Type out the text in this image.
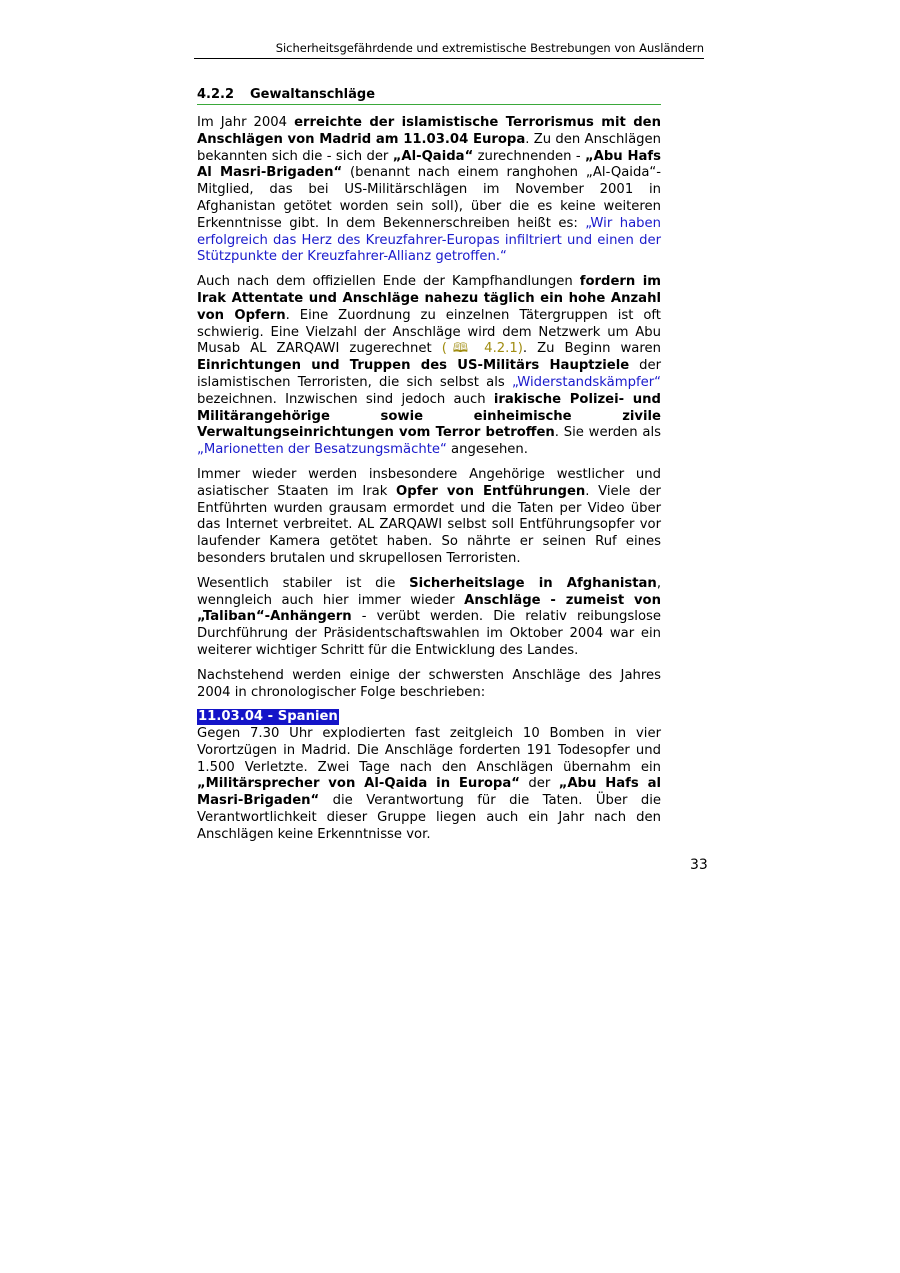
Sicherheitsgefährdende und extremistische Bestrebungen von Ausländern
4.2.2 Gewaltanschläge

Im Jahr 2004 erreichte der islamistische Terrorismus mit den Anschlägen von Madrid am 11.03.04 Europa. Zu den Anschlägen bekannten sich die - sich der „Al-Qaida“ zurechnenden - „Abu Hafs Al Masri-Brigaden“ (benannt nach einem ranghohen „Al-Qaida“-Mitglied, das bei US-Militärschlägen im November 2001 in Afghanistan getötet worden sein soll), über die es keine weiteren Erkenntnisse gibt. In dem Bekennerschreiben heißt es: „Wir haben erfolgreich das Herz des Kreuzfahrer-Europas infiltriert und einen der Stützpunkte der Kreuzfahrer-Allianz getroffen.“

Auch nach dem offiziellen Ende der Kampfhandlungen fordern im Irak Attentate und Anschläge nahezu täglich ein hohe Anzahl von Opfern. Eine Zuordnung zu einzelnen Tätergruppen ist oft schwierig. Eine Vielzahl der Anschläge wird dem Netzwerk um Abu Musab AL ZARQAWI zugerechnet (🕮 4.2.1). Zu Beginn waren Einrichtungen und Truppen des US-Militärs Hauptziele der islamistischen Terroristen, die sich selbst als „Widerstandskämpfer“ bezeichnen. Inzwischen sind jedoch auch irakische Polizei- und Militärangehörige sowie einheimische zivile Verwaltungseinrichtungen vom Terror betroffen. Sie werden als „Marionetten der Besatzungsmächte“ angesehen.

Immer wieder werden insbesondere Angehörige westlicher und asiatischer Staaten im Irak Opfer von Entführungen. Viele der Entführten wurden grausam ermordet und die Taten per Video über das Internet verbreitet. AL ZARQAWI selbst soll Entführungsopfer vor laufender Kamera getötet haben. So nährte er seinen Ruf eines besonders brutalen und skrupellosen Terroristen.

Wesentlich stabiler ist die Sicherheitslage in Afghanistan, wenngleich auch hier immer wieder Anschläge - zumeist von „Taliban“-Anhängern - verübt werden. Die relativ reibungslose Durchführung der Präsidentschaftswahlen im Oktober 2004 war ein weiterer wichtiger Schritt für die Entwicklung des Landes.

Nachstehend werden einige der schwersten Anschläge des Jahres 2004 in chronologischer Folge beschrieben:

11.03.04 - Spanien
Gegen 7.30 Uhr explodierten fast zeitgleich 10 Bomben in vier Vorortzügen in Madrid. Die Anschläge forderten 191 Todesopfer und 1.500 Verletzte. Zwei Tage nach den Anschlägen übernahm ein „Militärsprecher von Al-Qaida in Europa“ der „Abu Hafs al Masri-Brigaden“ die Verantwortung für die Taten. Über die Verantwortlichkeit dieser Gruppe liegen auch ein Jahr nach den Anschlägen keine Erkenntnisse vor.

33
